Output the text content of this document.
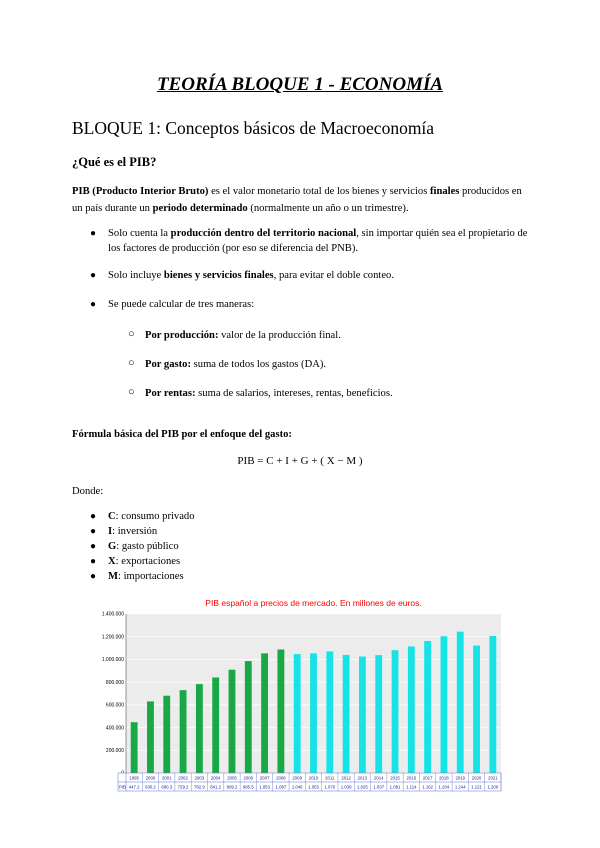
TEORÍA BLOQUE 1 - ECONOMÍA
BLOQUE 1: Conceptos básicos de Macroeconomía
¿Qué es el PIB?
PIB (Producto Interior Bruto) es el valor monetario total de los bienes y servicios finales producidos en un país durante un periodo determinado (normalmente un año o un trimestre).
● Solo cuenta la producción dentro del territorio nacional, sin importar quién sea el propietario de los factores de producción (por eso se diferencia del PNB).
● Solo incluye bienes y servicios finales, para evitar el doble conteo.
● Se puede calcular de tres maneras:
○ Por producción: valor de la producción final.
○ Por gasto: suma de todos los gastos (DA).
○ Por rentas: suma de salarios, intereses, rentas, beneficios.
Fórmula básica del PIB por el enfoque del gasto:
PIB = C + I + G + ( X − M )
Donde:
● C: consumo privado
● I: inversión
● G: gasto público
● X: exportaciones
● M: importaciones
PIB español a precios de mercado. En millones de euros.
200.000
400.000
600.000
800.000
1.000.000
1.200.000
1.400.000
PIB
1995
447.2
2000
630.2
2001
680.3
2002
729.2
2003
782.9
2004
841.2
2005
909.2
2006
985.5
2007
1.053
2008
1.087
2009
1.046
2010
1.053
2011
1.070
2012
1.039
2013
1.025
2014
1.037
2015
1.081
2016
1.114
2017
1.162
2018
1.204
2019
1.244
2020
1.121
2021
1.206
